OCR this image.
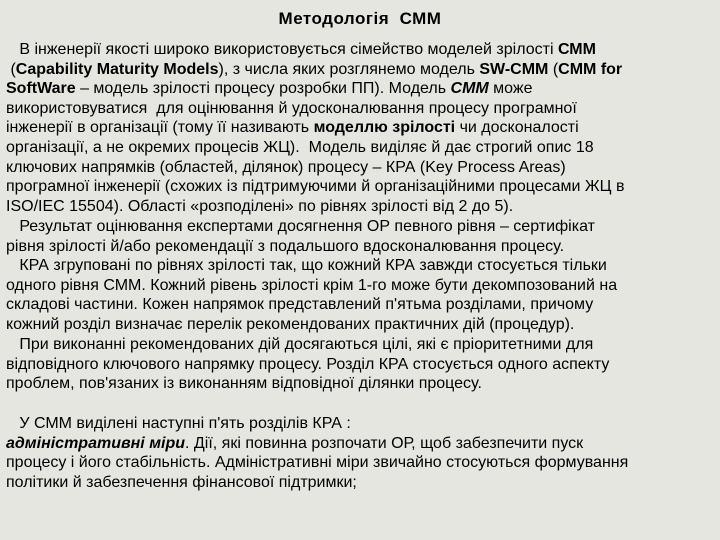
Методологія  СММ
В інженерії якості широко використовується сімейство моделей зрілості СММ
(Capability Maturity Models), з числа яких розглянемо модель SW-CMM (CMM for
SoftWare – модель зрілості процесу розробки ПП). Модель CMM може
використовуватися  для оцінювання й удосконалювання процесу програмної
інженерії в організації (тому її називають моделлю зрілості чи досконалості
організації, а не окремих процесів ЖЦ).  Модель виділяє й дає строгий опис 18
ключових напрямків (областей, ділянок) процесу – КРА (Key Process Areas)
програмної інженерії (схожих із підтримуючими й організаційними процесами ЖЦ в
ISO/IEC 15504). Області «розподілені» по рівнях зрілості від 2 до 5).
Результат оцінювання експертами досягнення ОР певного рівня – сертифікат
рівня зрілості й/або рекомендації з подальшого вдосконалювання процесу.
КРА згруповані по рівнях зрілості так, що кожний КРА завжди стосується тільки
одного рівня СММ. Кожний рівень зрілості крім 1-го може бути декомпозований на
складові частини. Кожен напрямок представлений п'ятьма розділами, причому
кожний розділ визначає перелік рекомендованих практичних дій (процедур).
При виконанні рекомендованих дій досягаються цілі, які є пріоритетними для
відповідного ключового напрямку процесу. Розділ КРА стосується одного аспекту
проблем, пов'язаних із виконанням відповідної ділянки процесу.
У СММ виділені наступні п'ять розділів КРА :
адміністративні міри. Дії, які повинна розпочати ОР, щоб забезпечити пуск
процесу і його стабільність. Адміністративні міри звичайно стосуються формування
політики й забезпечення фінансової підтримки;
